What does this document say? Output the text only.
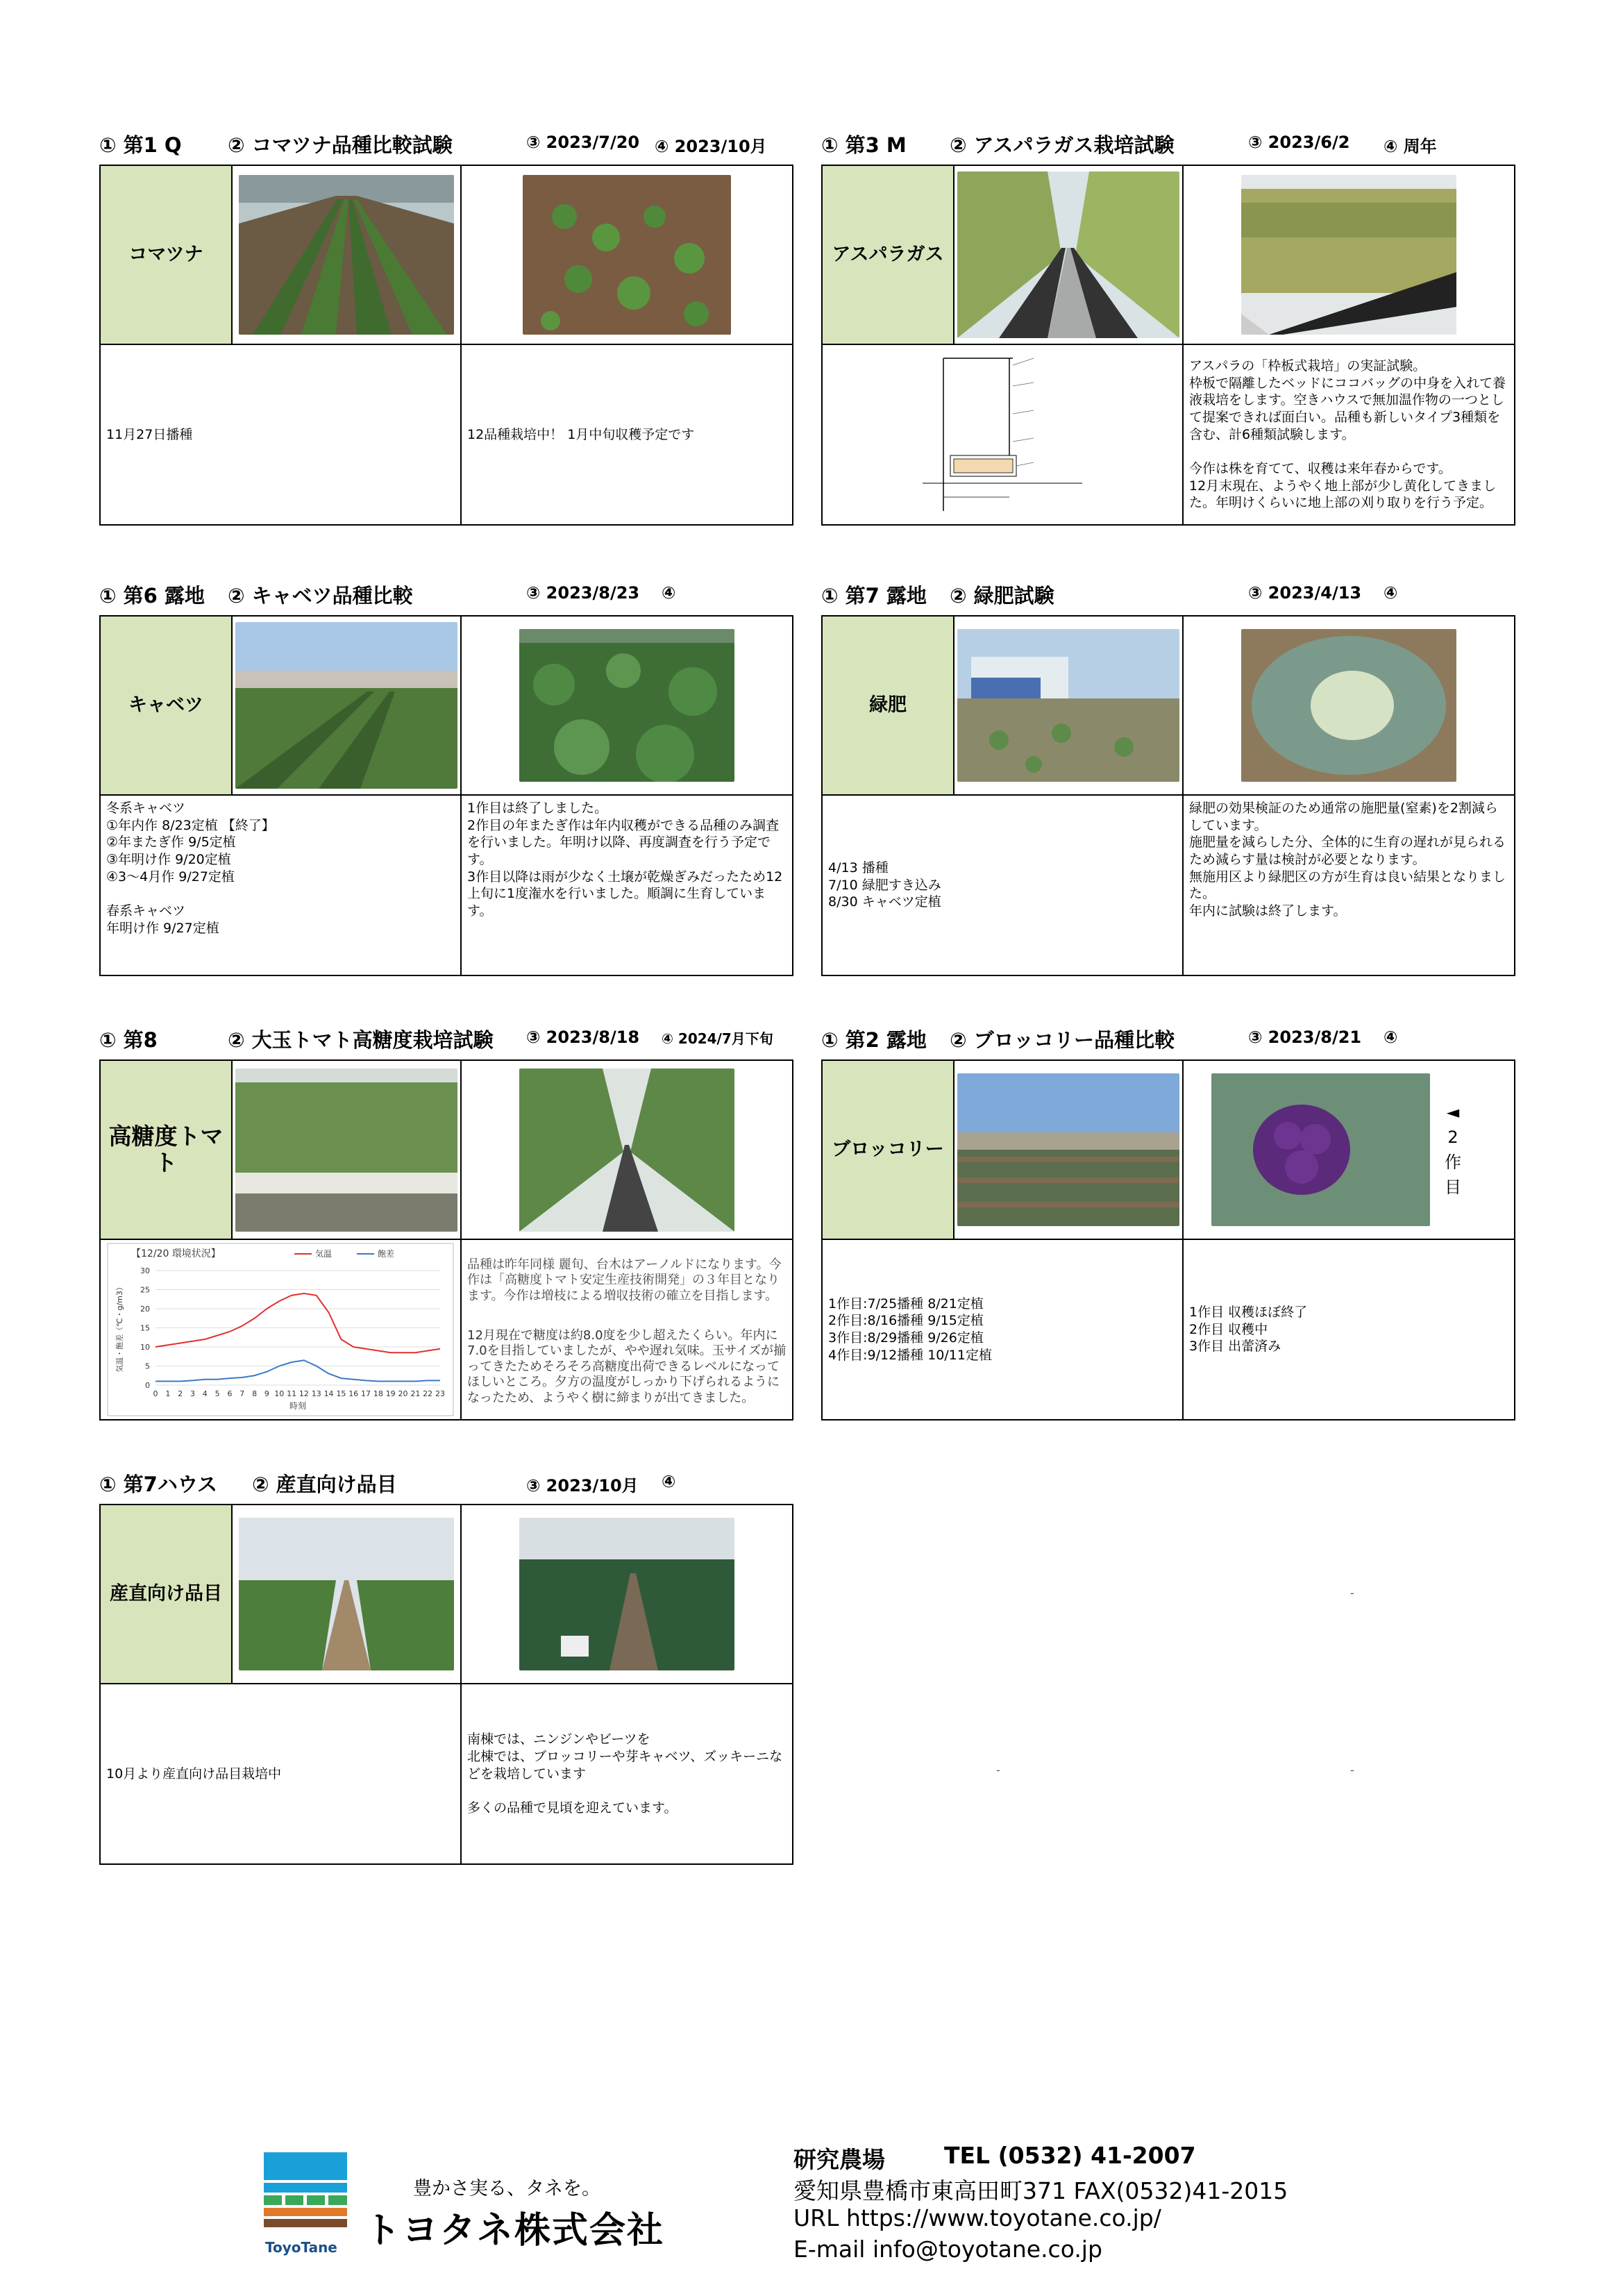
① 第1 Q ② コマツナ品種比較試験	③ 2023/7/20 ④ 2023/10月
コマツナ
11月27日播種	12品種栽培中！ 1月中旬収穫予定です
① 第3 M ② アスパラガス栽培試験	③ 2023/6/2 ④ 周年
アスパラガス
アスパラの「枠板式栽培」の実証試験。
枠板で隔離したベッドにココバッグの中身を入れて養液栽培をします。空きハウスで無加温作物の一つとして提案できれば面白い。品種も新しいタイプ3種類を含む、計6種類試験します。

今作は株を育てて、収穫は来年春からです。
12月末現在、ようやく地上部が少し黄化してきました。年明けくらいに地上部の刈り取りを行う予定。
① 第6 露地 ② キャベツ品種比較	③ 2023/8/23 ④
キャベツ
冬系キャベツ
①年内作 8/23定植 【終了】
②年またぎ作 9/5定植
③年明け作 9/20定植
④3～4月作 9/27定植

春系キャベツ
年明け作 9/27定植
1作目は終了しました。
2作目の年またぎ作は年内収穫ができる品種のみ調査を行いました。年明け以降、再度調査を行う予定です。
3作目以降は雨が少なく土壌が乾燥ぎみだったため12上旬に1度潅水を行いました。順調に生育しています。
① 第7 露地 ② 緑肥試験	③ 2023/4/13 ④
緑肥
4/13 播種
7/10 緑肥すき込み
8/30 キャベツ定植
緑肥の効果検証のため通常の施肥量(窒素)を2割減らしています。
施肥量を減らした分、全体的に生育の遅れが見られるため減らす量は検討が必要となります。
無施用区より緑肥区の方が生育は良い結果となりました。
年内に試験は終了します。
① 第8	② 大玉トマト高糖度栽培試験 ③ 2023/8/18 ④ 2024/7月下旬
高糖度トマト
【12/20 環境状況】
0
5
10
15
20
25
30
0 1 2 3 4 5 6 7 8 9 10 11 12 13 14 15 16 17 18 19 20 21 22 23
時刻
気温・飽差（℃・g/m3）
気温	飽差

品種は昨年同様 麗旬、台木はアーノルドになります。今作は「高糖度トマト安定生産技術開発」の３年目となります。今作は増枝による増収技術の確立を目指します。

12月現在で糖度は約8.0度を少し超えたくらい。年内に7.0を目指していましたが、やや遅れ気味。玉サイズが揃ってきたためそろそろ高糖度出荷できるレベルになってほしいところ。夕方の温度がしっかり下げられるようになったため、ようやく樹に締まりが出てきました。

① 第2 露地 ② ブロッコリー品種比較	③ 2023/8/21 ④
ブロッコリー
◄ 2 作 目
1作目:7/25播種 8/21定植
2作目:8/16播種 9/15定植
3作目:8/29播種 9/26定植
4作目:9/12播種 10/11定植
1作目 収穫ほぼ終了
2作目 収穫中
3作目 出蕾済み
① 第7ハウス ② 産直向け品目	③ 2023/10月 ④
産直向け品目
10月より産直向け品目栽培中
南棟では、ニンジンやビーツを
北棟では、ブロッコリーや芽キャベツ、ズッキーニなどを栽培しています

多くの品種で見頃を迎えています。
-
-
-
ToyoTane
豊かさ実る、タネを。
トヨタネ株式会社
研究農場	TEL (0532) 41-2007
愛知県豊橋市東高田町371 FAX(0532)41-2015
URL https://www.toyotane.co.jp/
E-mail info@toyotane.co.jp
